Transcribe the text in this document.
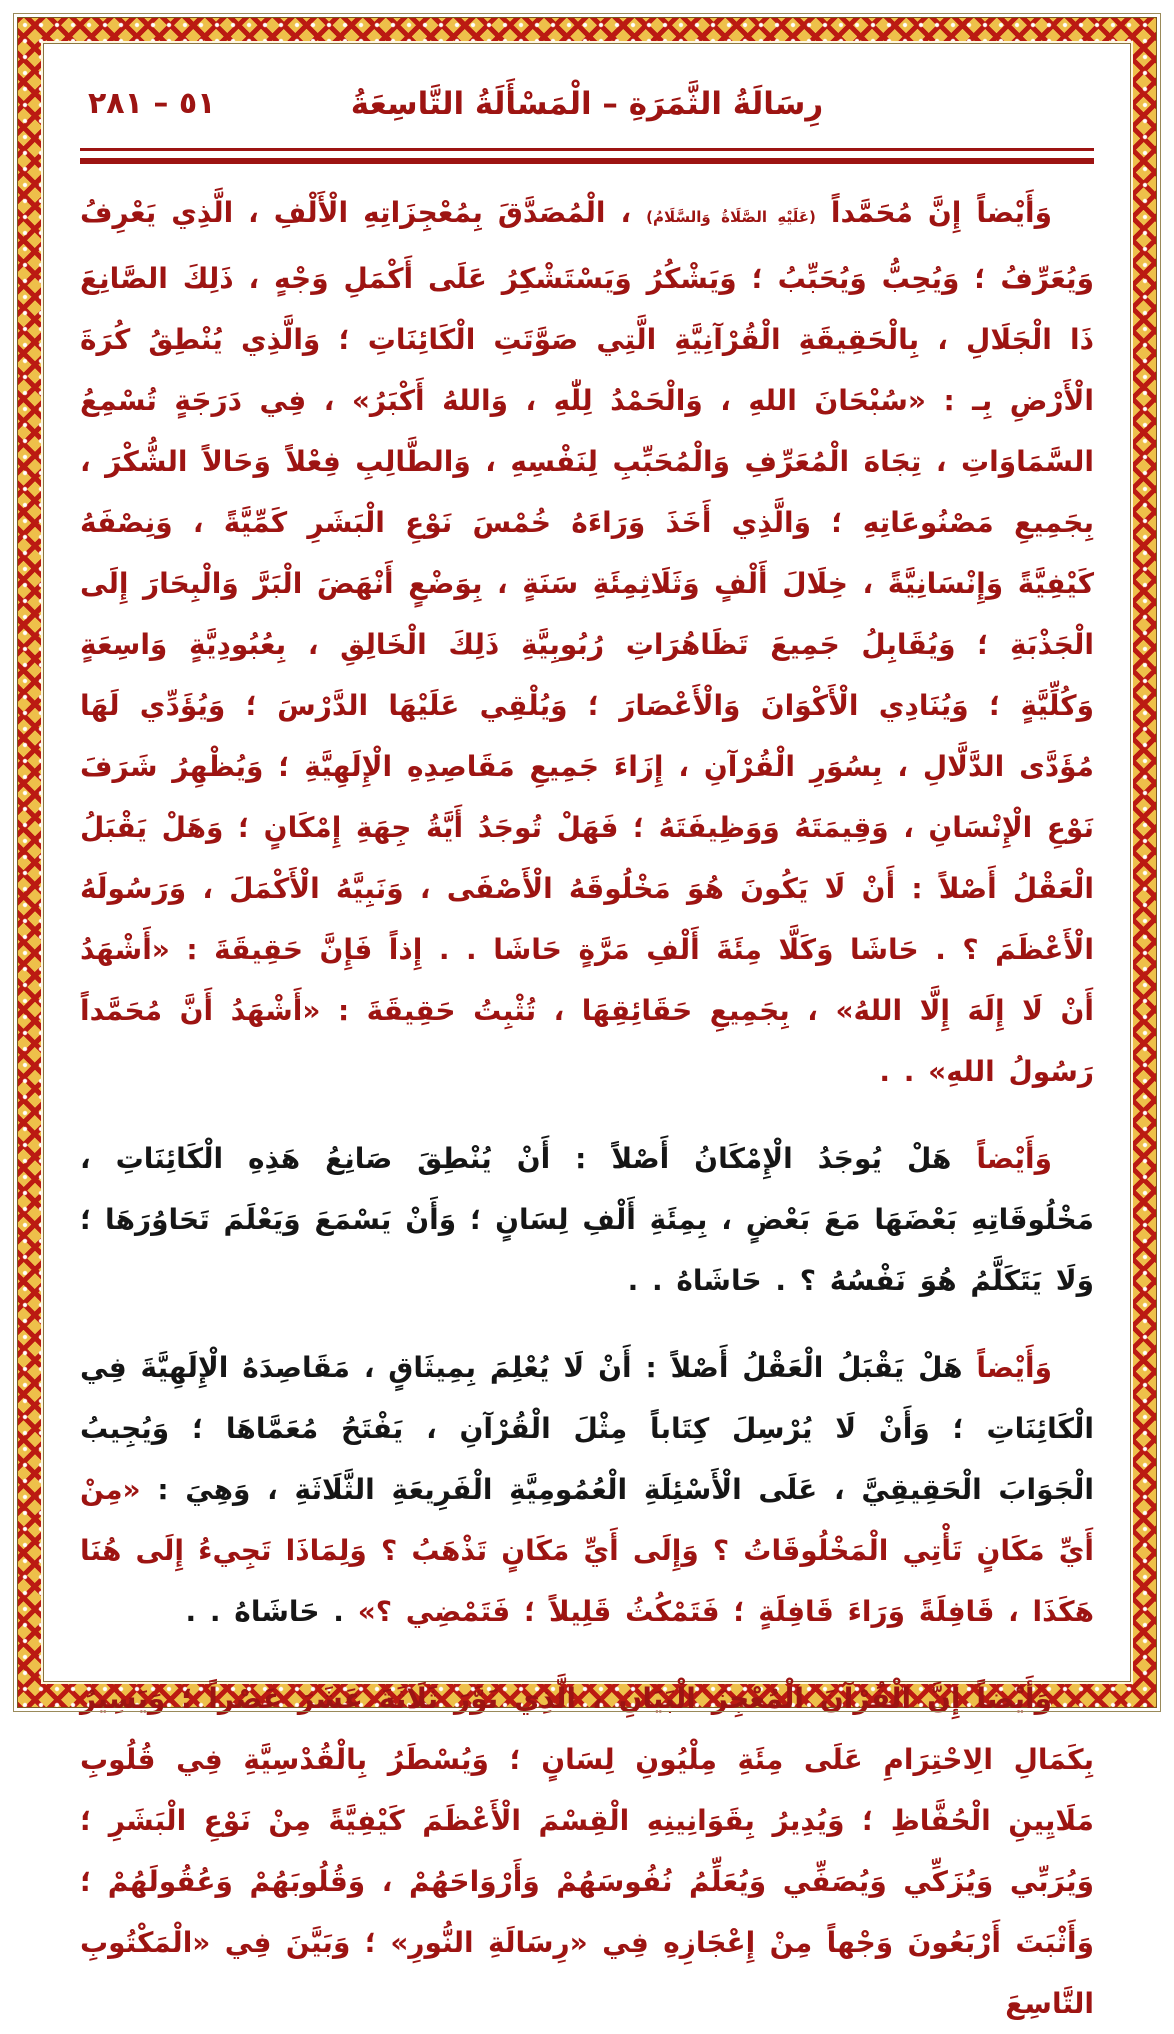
رِسَالَةُ الثَّمَرَةِ – الْمَسْأَلَةُ التَّاسِعَةُ
٥١ – ٢٨١

وَأَيْضاً إِنَّ مُحَمَّداً (عَلَيْهِ الصَّلَاةُ وَالسَّلَامُ) ، الْمُصَدَّقَ بِمُعْجِزَاتِهِ الْأَلْفِ ، الَّذِي يَعْرِفُ وَيُعَرِّفُ ؛ وَيُحِبُّ وَيُحَبِّبُ ؛ وَيَشْكُرُ وَيَسْتَشْكِرُ عَلَى أَكْمَلِ وَجْهٍ ، ذَلِكَ الصَّانِعَ ذَا الْجَلَالِ ، بِالْحَقِيقَةِ الْقُرْآنِيَّةِ الَّتِي صَوَّتَتِ الْكَائِنَاتِ ؛ وَالَّذِي يُنْطِقُ كُرَةَ الْأَرْضِ بِـ : «سُبْحَانَ اللهِ ، وَالْحَمْدُ لِلّٰهِ ، وَاللهُ أَكْبَرُ» ، فِي دَرَجَةٍ تُسْمِعُ السَّمَاوَاتِ ، تِجَاهَ الْمُعَرِّفِ وَالْمُحَبِّبِ لِنَفْسِهِ ، وَالطَّالِبِ فِعْلاً وَحَالاً الشُّكْرَ ، بِجَمِيعِ مَصْنُوعَاتِهِ ؛ وَالَّذِي أَخَذَ وَرَاءَهُ خُمْسَ نَوْعِ الْبَشَرِ كَمِّيَّةً ، وَنِصْفَهُ كَيْفِيَّةً وَإِنْسَانِيَّةً ، خِلَالَ أَلْفٍ وَثَلَاثِمِئَةِ سَنَةٍ ، بِوَضْعٍ أَنْهَضَ الْبَرَّ وَالْبِحَارَ إِلَى الْجَذْبَةِ ؛ وَيُقَابِلُ جَمِيعَ تَظَاهُرَاتِ رُبُوبِيَّةِ ذَلِكَ الْخَالِقِ ، بِعُبُودِيَّةٍ وَاسِعَةٍ وَكُلِّيَّةٍ ؛ وَيُنَادِي الْأَكْوَانَ وَالْأَعْصَارَ ؛ وَيُلْقِي عَلَيْهَا الدَّرْسَ ؛ وَيُؤَدِّي لَهَا مُؤَدَّى الدَّلَّالِ ، بِسُوَرِ الْقُرْآنِ ، إِزَاءَ جَمِيعِ مَقَاصِدِهِ الْإِلَهِيَّةِ ؛ وَيُظْهِرُ شَرَفَ نَوْعِ الْإِنْسَانِ ، وَقِيمَتَهُ وَوَظِيفَتَهُ ؛ فَهَلْ تُوجَدُ أَيَّةُ جِهَةِ إِمْكَانٍ ؛ وَهَلْ يَقْبَلُ الْعَقْلُ أَصْلاً : أَنْ لَا يَكُونَ هُوَ مَخْلُوقَهُ الْأَصْفَى ، وَنَبِيَّهُ الْأَكْمَلَ ، وَرَسُولَهُ الْأَعْظَمَ ؟ . حَاشَا وَكَلَّا مِئَةَ أَلْفِ مَرَّةٍ حَاشَا . . إِذاً فَإِنَّ حَقِيقَةَ : «أَشْهَدُ أَنْ لَا إِلَهَ إِلَّا اللهُ» ، بِجَمِيعِ حَقَائِقِهَا ، تُثْبِتُ حَقِيقَةَ : «أَشْهَدُ أَنَّ مُحَمَّداً رَسُولُ اللهِ» . .

وَأَيْضاً هَلْ يُوجَدُ الْإِمْكَانُ أَصْلاً : أَنْ يُنْطِقَ صَانِعُ هَذِهِ الْكَائِنَاتِ ، مَخْلُوقَاتِهِ بَعْضَهَا مَعَ بَعْضٍ ، بِمِئَةِ أَلْفِ لِسَانٍ ؛ وَأَنْ يَسْمَعَ وَيَعْلَمَ تَحَاوُرَهَا ؛ وَلَا يَتَكَلَّمُ هُوَ نَفْسُهُ ؟ . حَاشَاهُ . .

وَأَيْضاً هَلْ يَقْبَلُ الْعَقْلُ أَصْلاً : أَنْ لَا يُعْلِمَ بِمِيثَاقٍ ، مَقَاصِدَهُ الْإِلَهِيَّةَ فِي الْكَائِنَاتِ ؛ وَأَنْ لَا يُرْسِلَ كِتَاباً مِثْلَ الْقُرْآنِ ، يَفْتَحُ مُعَمَّاهَا ؛ وَيُجِيبُ الْجَوَابَ الْحَقِيقِيَّ ، عَلَى الْأَسْئِلَةِ الْعُمُومِيَّةِ الْفَرِيعَةِ الثَّلَاثَةِ ، وَهِيَ : «مِنْ أَيِّ مَكَانٍ تَأْتِي الْمَخْلُوقَاتُ ؟ وَإِلَى أَيِّ مَكَانٍ تَذْهَبُ ؟ وَلِمَاذَا تَجِيءُ إِلَى هُنَا هَكَذَا ، قَافِلَةً وَرَاءَ قَافِلَةٍ ؛ فَتَمْكُثُ قَلِيلاً ؛ فَتَمْضِي ؟» . حَاشَاهُ . .

وَأَيْضاً إِنَّ الْقُرْآنَ الْمُعْجِزَ الْبَيَانِ ، الَّذِي نَوَّرَ ثَلَاثَةَ عَشَرَ عَصْراً ؛ وَيَسِيرُ بِكَمَالِ الِاحْتِرَامِ عَلَى مِئَةِ مِلْيُونِ لِسَانٍ ؛ وَيُسْطَرُ بِالْقُدْسِيَّةِ فِي قُلُوبِ مَلَايِينِ الْحُفَّاظِ ؛ وَيُدِيرُ بِقَوَانِينِهِ الْقِسْمَ الْأَعْظَمَ كَيْفِيَّةً مِنْ نَوْعِ الْبَشَرِ ؛ وَيُرَبِّي وَيُزَكِّي وَيُصَفِّي وَيُعَلِّمُ نُفُوسَهُمْ وَأَرْوَاحَهُمْ ، وَقُلُوبَهُمْ وَعُقُولَهُمْ ؛ وَأَثْبَتَ أَرْبَعُونَ وَجْهاً مِنْ إِعْجَازِهِ فِي «رِسَالَةِ النُّورِ» ؛ وَبَيَّنَ فِي «الْمَكْتُوبِ التَّاسِعَ
